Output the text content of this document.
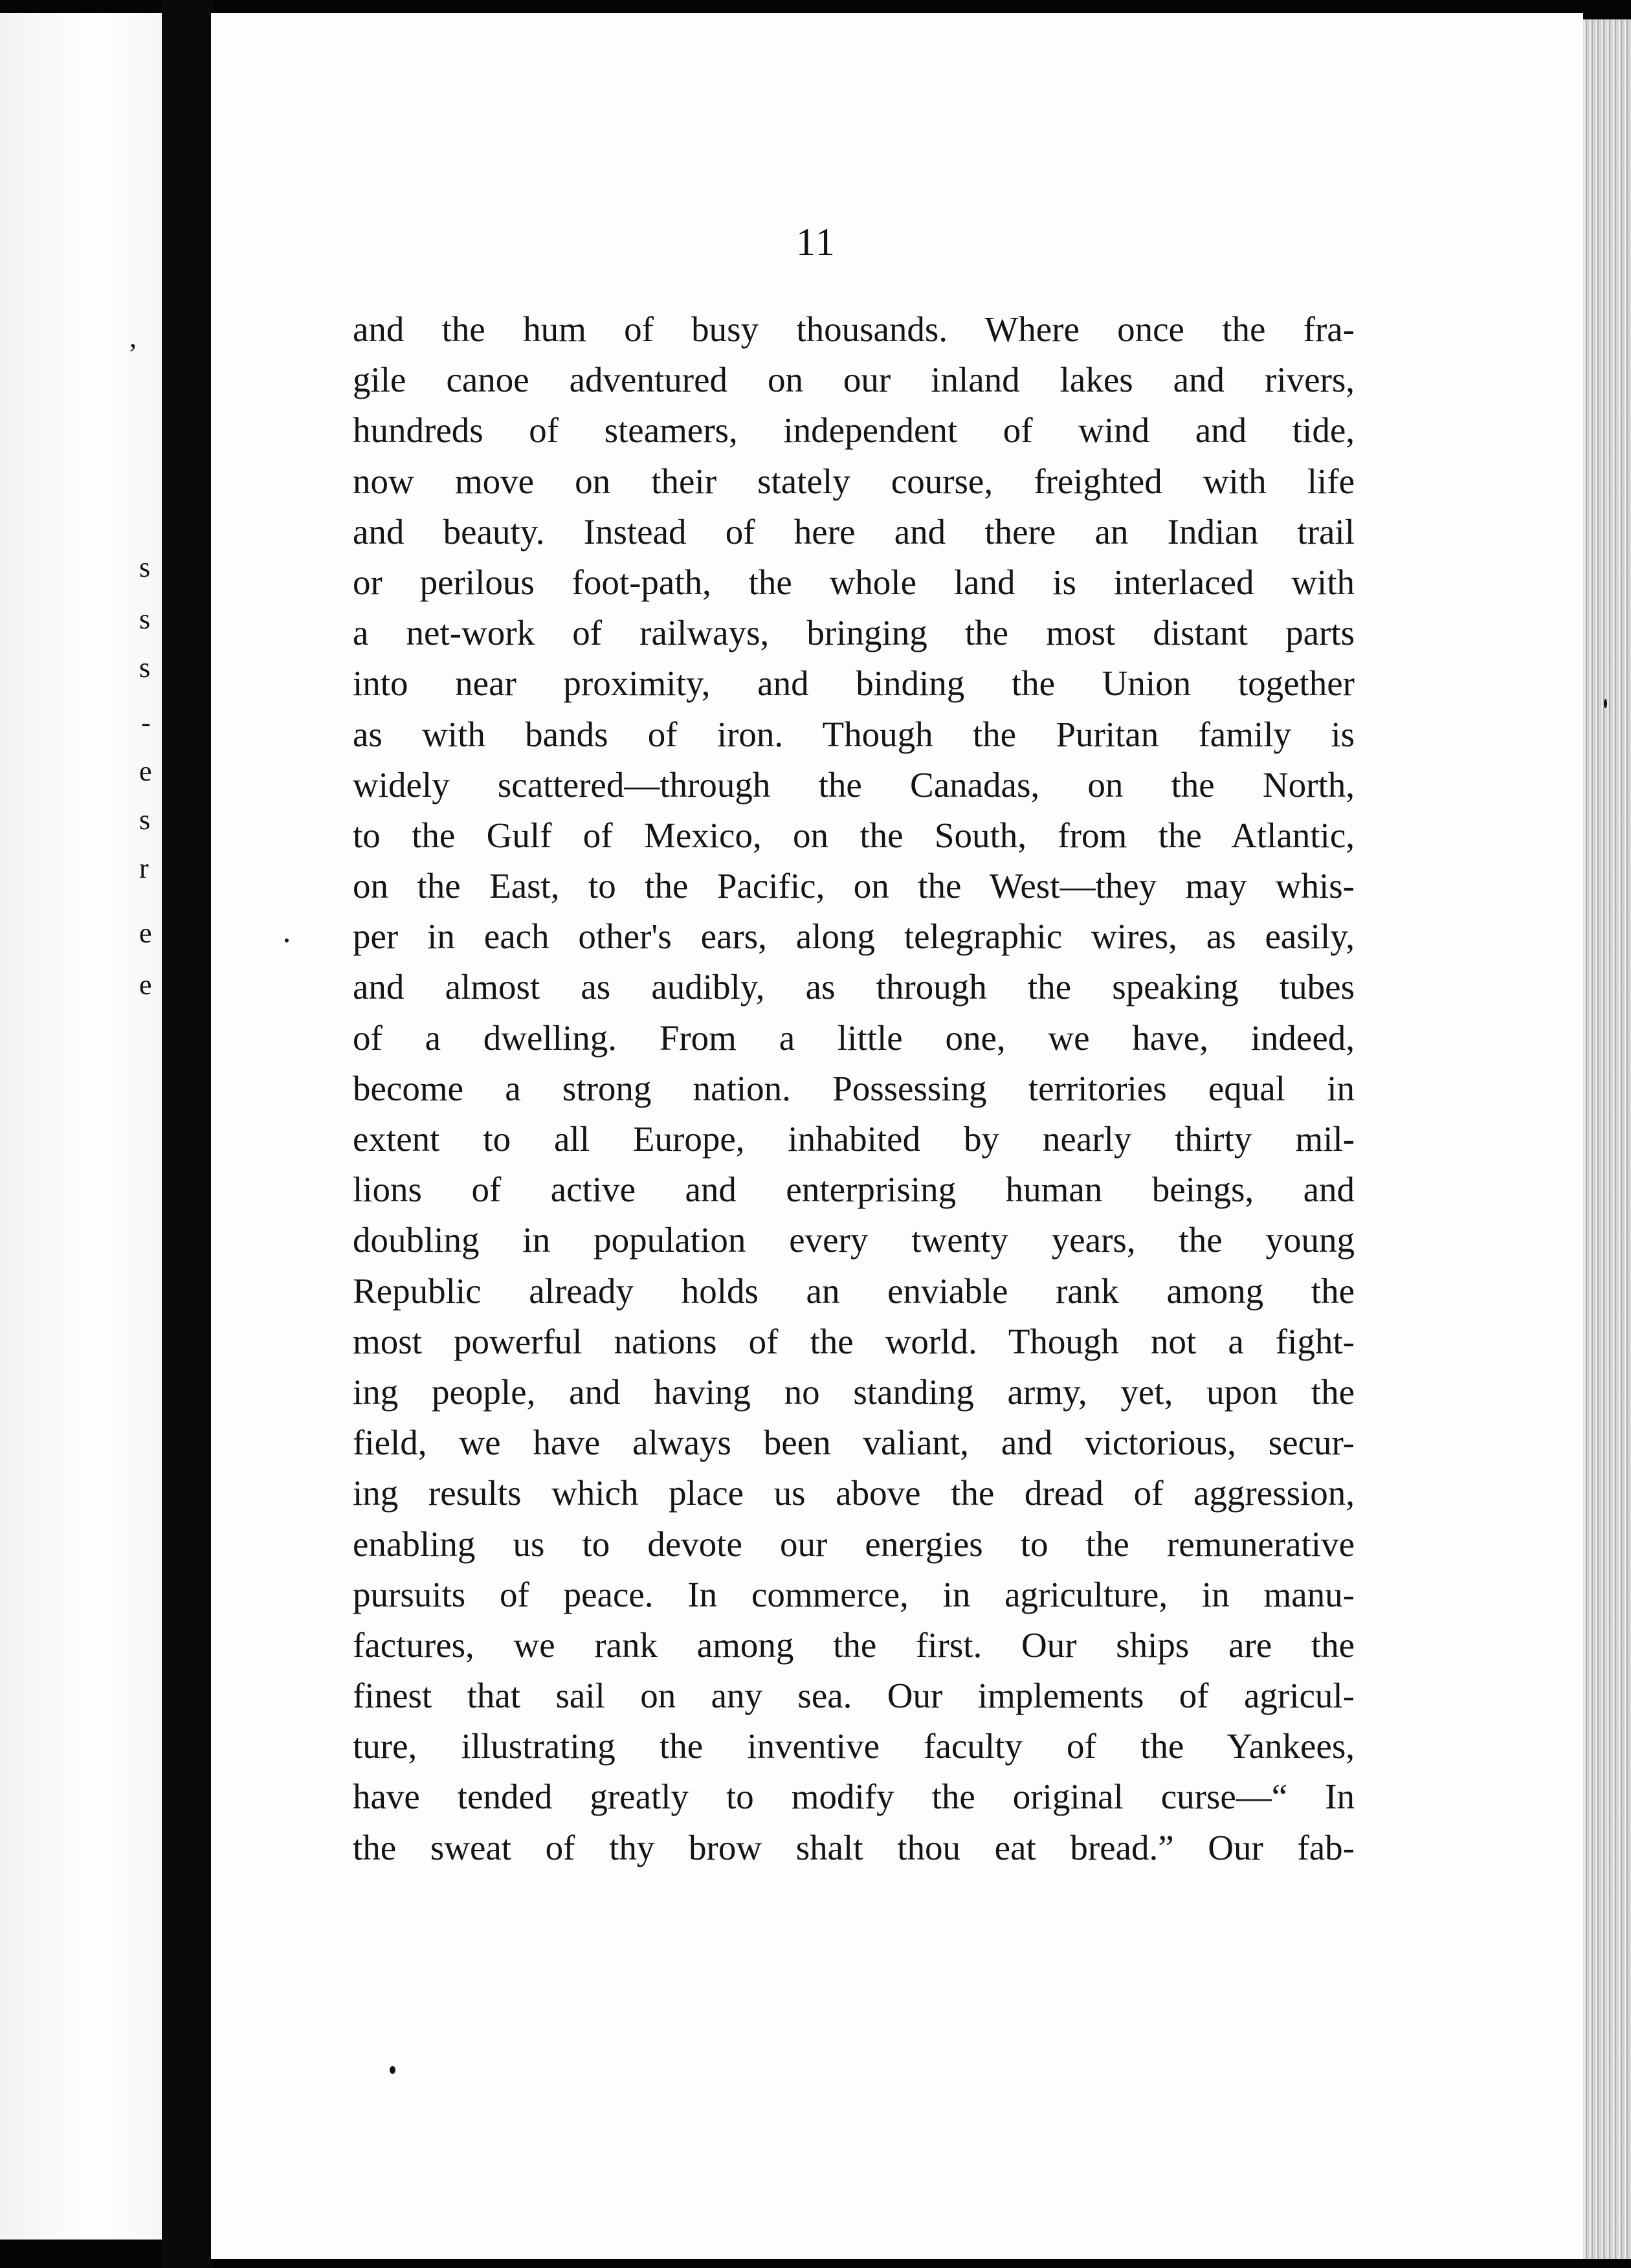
,
s
s
s
-
e
s
r
e
e
11
and the hum of busy thousands. Where once the fra-
gile canoe adventured on our inland lakes and rivers,
hundreds of steamers, independent of wind and tide,
now move on their stately course, freighted with life
and beauty. Instead of here and there an Indian trail
or perilous foot-path, the whole land is interlaced with
a net-work of railways, bringing the most distant parts
into near proximity, and binding the Union together
as with bands of iron. Though the Puritan family is
widely scattered—through the Canadas, on the North,
to the Gulf of Mexico, on the South, from the Atlantic,
on the East, to the Pacific, on the West—they may whis-
per in each other's ears, along telegraphic wires, as easily,
and almost as audibly, as through the speaking tubes
of a dwelling. From a little one, we have, indeed,
become a strong nation. Possessing territories equal in
extent to all Europe, inhabited by nearly thirty mil-
lions of active and enterprising human beings, and
doubling in population every twenty years, the young
Republic already holds an enviable rank among the
most powerful nations of the world. Though not a fight-
ing people, and having no standing army, yet, upon the
field, we have always been valiant, and victorious, secur-
ing results which place us above the dread of aggression,
enabling us to devote our energies to the remunerative
pursuits of peace. In commerce, in agriculture, in manu-
factures, we rank among the first. Our ships are the
finest that sail on any sea. Our implements of agricul-
ture, illustrating the inventive faculty of the Yankees,
have tended greatly to modify the original curse—“ In
the sweat of thy brow shalt thou eat bread.” Our fab-
